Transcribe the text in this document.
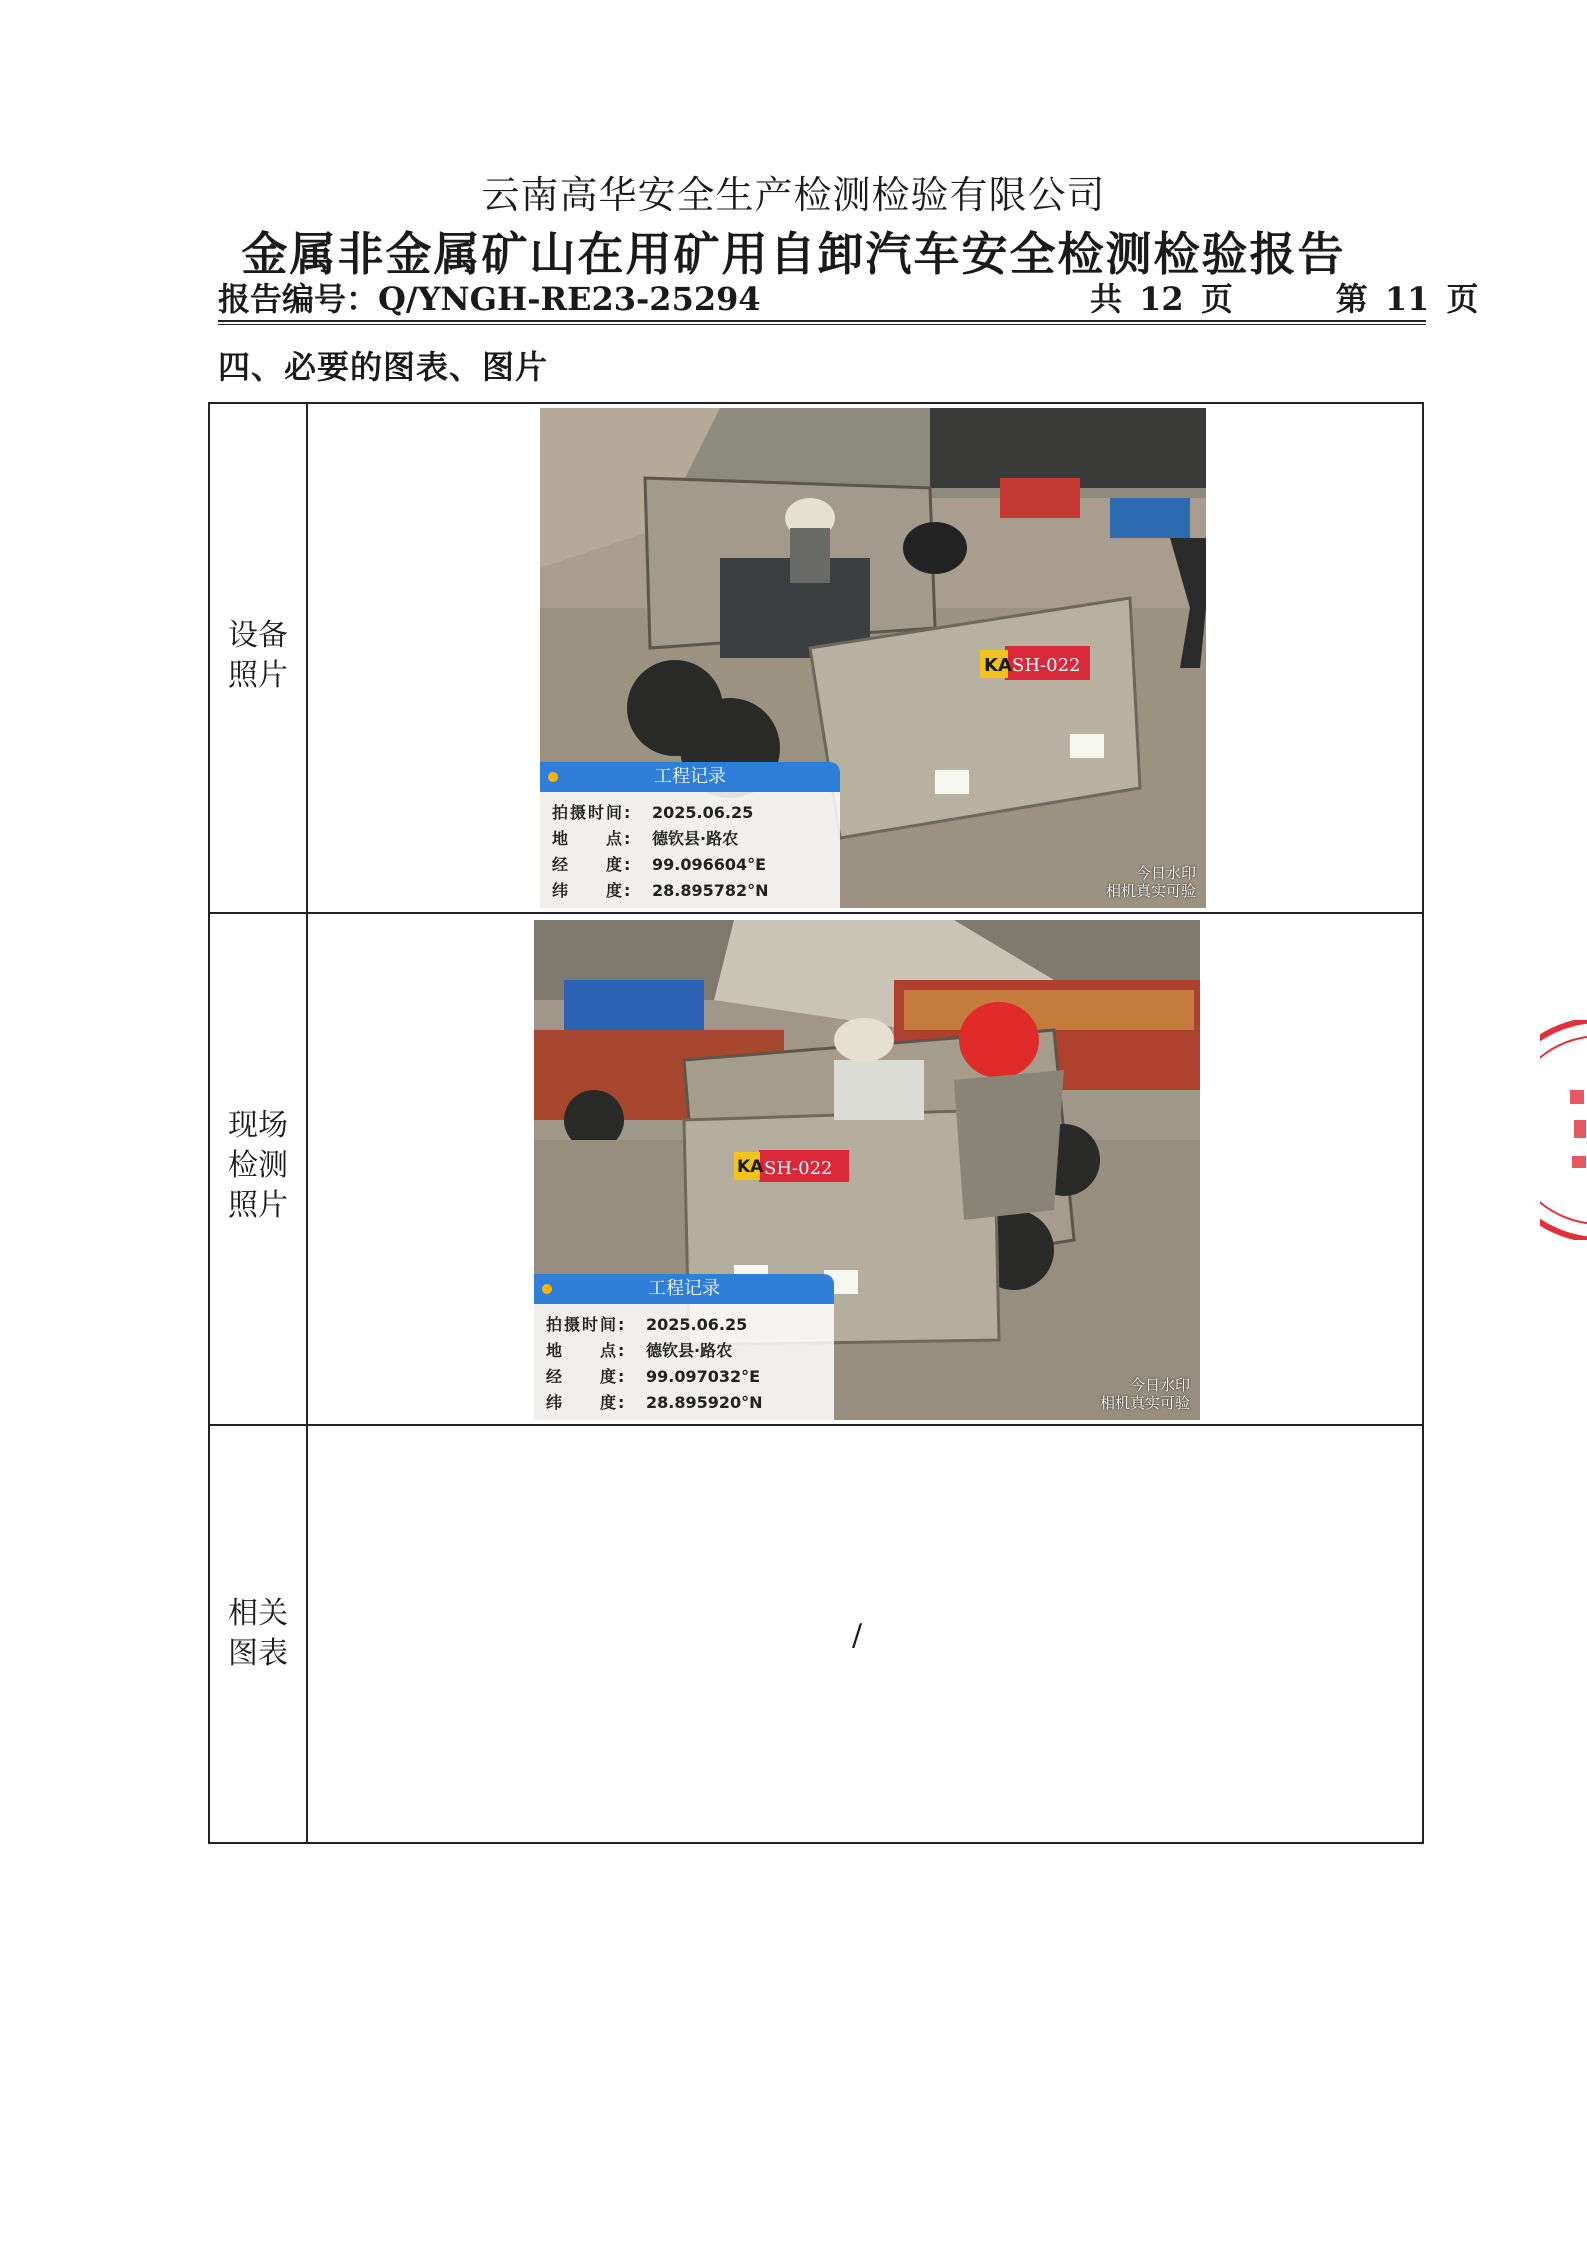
云南高华安全生产检测检验有限公司
金属非金属矿山在用矿用自卸汽车安全检测检验报告
报告编号：Q/YNGH-RE23-25294	共 12 页	第 11 页
四、必要的图表、图片
设备
照片
现场
检测
照片
相关
图表
/
KA SH-022
工程记录
拍摄时间: 2025.06.25
地　　点: 德钦县·路农
经　　度: 99.096604°E
纬　　度: 28.895782°N
今日水印
相机真实可验
KA SH-022
工程记录
拍摄时间: 2025.06.25
地　　点: 德钦县·路农
经　　度: 99.097032°E
纬　　度: 28.895920°N
今日水印
相机真实可验
